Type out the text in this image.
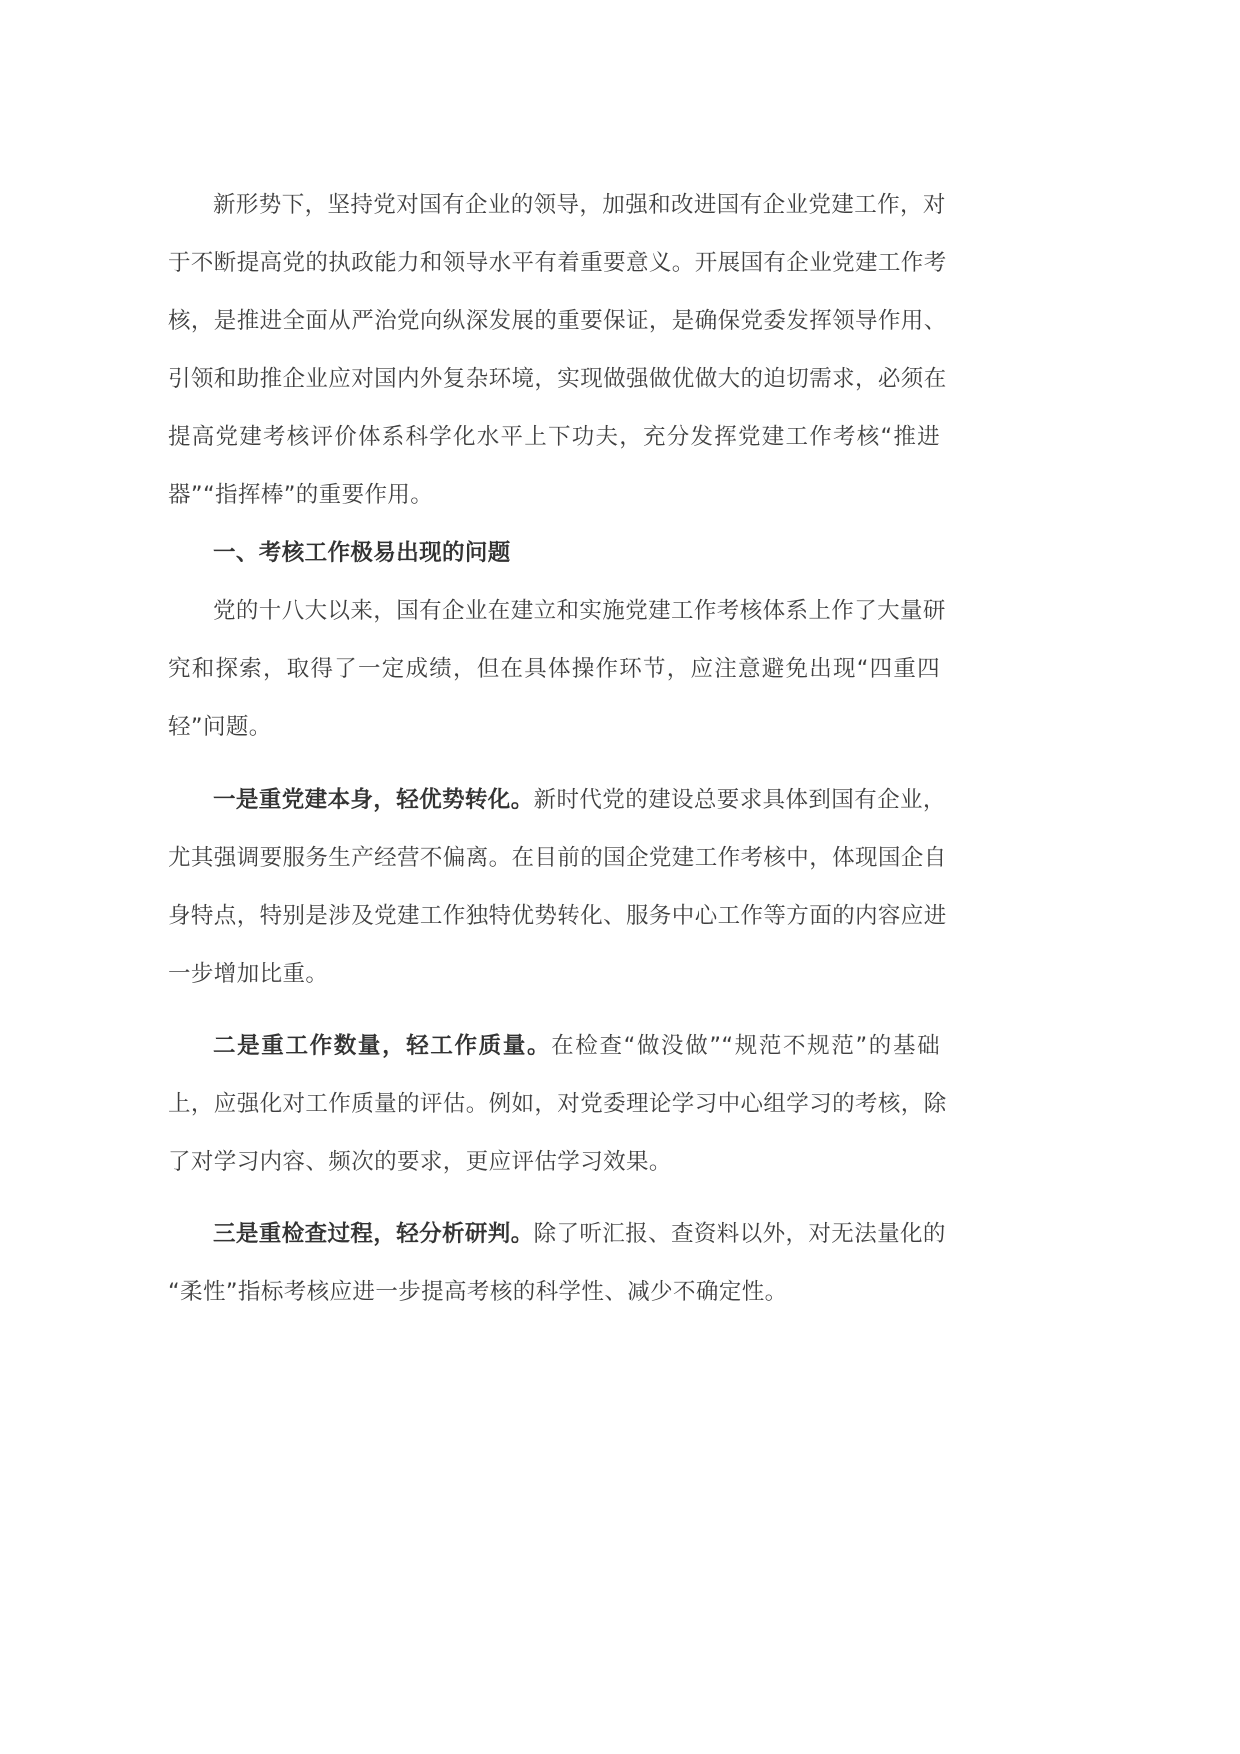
新形势下，坚持党对国有企业的领导，加强和改进国有企业党建工作，对
于不断提高党的执政能力和领导水平有着重要意义。开展国有企业党建工作考
核，是推进全面从严治党向纵深发展的重要保证，是确保党委发挥领导作用、
引领和助推企业应对国内外复杂环境，实现做强做优做大的迫切需求，必须在
提高党建考核评价体系科学化水平上下功夫，充分发挥党建工作考核“推进
器”“指挥棒”的重要作用。
一、考核工作极易出现的问题
党的十八大以来，国有企业在建立和实施党建工作考核体系上作了大量研
究和探索，取得了一定成绩，但在具体操作环节，应注意避免出现“四重四
轻”问题。
一是重党建本身，轻优势转化。新时代党的建设总要求具体到国有企业，
尤其强调要服务生产经营不偏离。在目前的国企党建工作考核中，体现国企自
身特点，特别是涉及党建工作独特优势转化、服务中心工作等方面的内容应进
一步增加比重。
二是重工作数量，轻工作质量。在检查“做没做”“规范不规范”的基础
上，应强化对工作质量的评估。例如，对党委理论学习中心组学习的考核，除
了对学习内容、频次的要求，更应评估学习效果。
三是重检查过程，轻分析研判。除了听汇报、查资料以外，对无法量化的
“柔性”指标考核应进一步提高考核的科学性、减少不确定性。
